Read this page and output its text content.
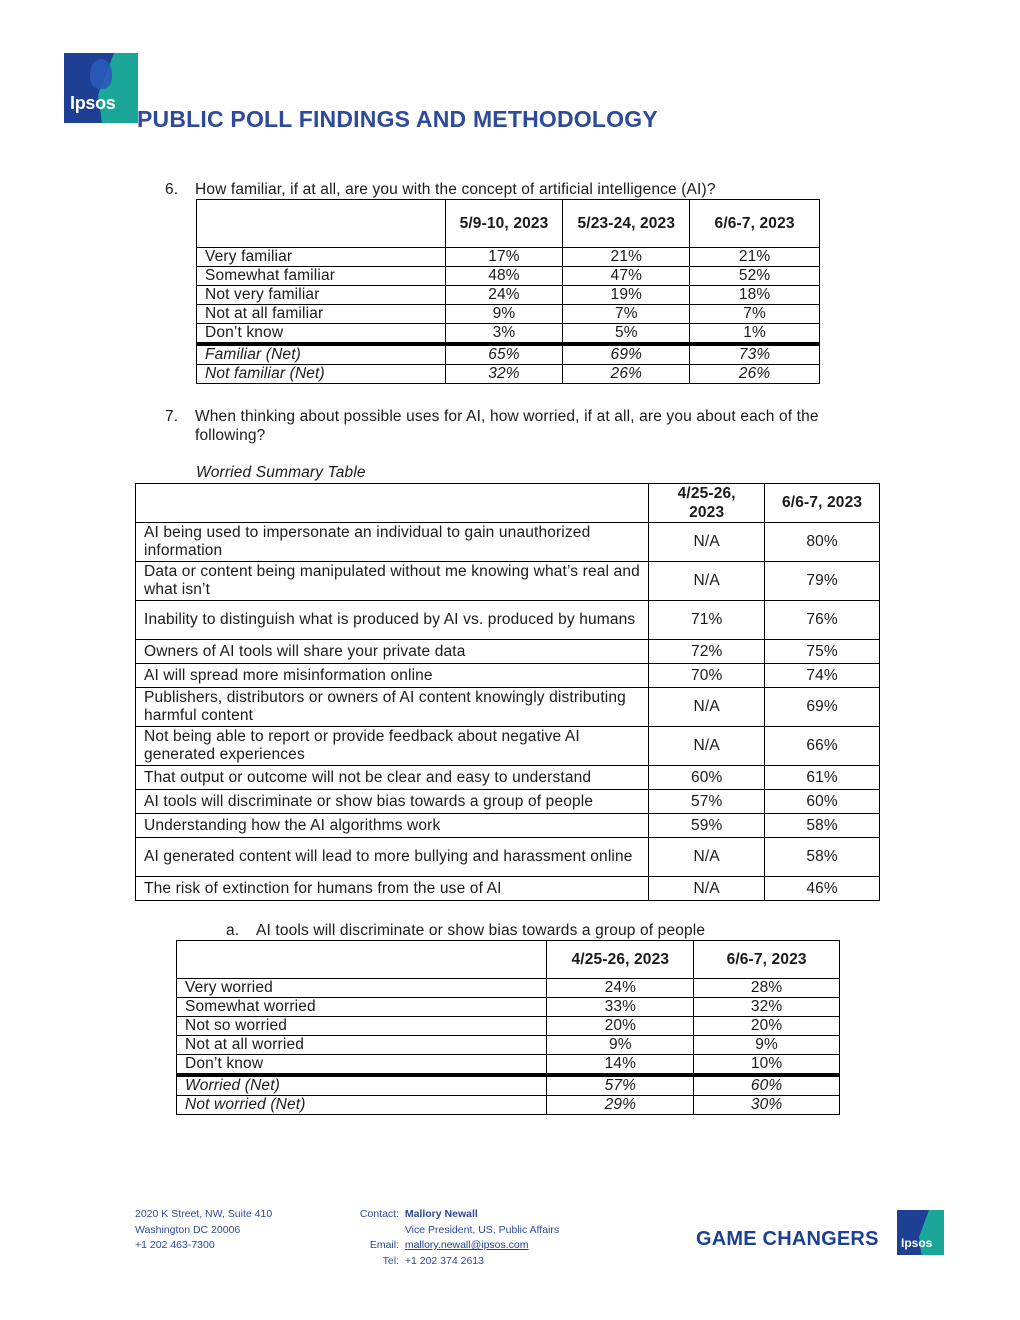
Ipsos
PUBLIC POLL FINDINGS AND METHODOLOGY
6. How familiar, if at all, are you with the concept of artificial intelligence (AI)?
	5/9-10, 2023	5/23-24, 2023	6/6-7, 2023
Very familiar	17%	21%	21%
Somewhat familiar	48%	47%	52%
Not very familiar	24%	19%	18%
Not at all familiar	9%	7%	7%
Don’t know	3%	5%	1%
Familiar (Net)	65%	69%	73%
Not familiar (Net)	32%	26%	26%
7. When thinking about possible uses for AI, how worried, if at all, are you about each of the
following?
Worried Summary Table
	4/25-26, 2023	6/6-7, 2023
AI being used to impersonate an individual to gain unauthorized information	N/A	80%
Data or content being manipulated without me knowing what’s real and what isn’t	N/A	79%
Inability to distinguish what is produced by AI vs. produced by humans	71%	76%
Owners of AI tools will share your private data	72%	75%
AI will spread more misinformation online	70%	74%
Publishers, distributors or owners of AI content knowingly distributing harmful content	N/A	69%
Not being able to report or provide feedback about negative AI generated experiences	N/A	66%
That output or outcome will not be clear and easy to understand	60%	61%
AI tools will discriminate or show bias towards a group of people	57%	60%
Understanding how the AI algorithms work	59%	58%
AI generated content will lead to more bullying and harassment online	N/A	58%
The risk of extinction for humans from the use of AI	N/A	46%
a. AI tools will discriminate or show bias towards a group of people
	4/25-26, 2023	6/6-7, 2023
Very worried	24%	28%
Somewhat worried	33%	32%
Not so worried	20%	20%
Not at all worried	9%	9%
Don’t know	14%	10%
Worried (Net)	57%	60%
Not worried (Net)	29%	30%
2020 K Street, NW, Suite 410
Washington DC 20006
+1 202 463-7300
Contact: Mallory Newall
Vice President, US, Public Affairs
Email: mallory.newall@ipsos.com
Tel: +1 202 374 2613
GAME CHANGERS Ipsos
